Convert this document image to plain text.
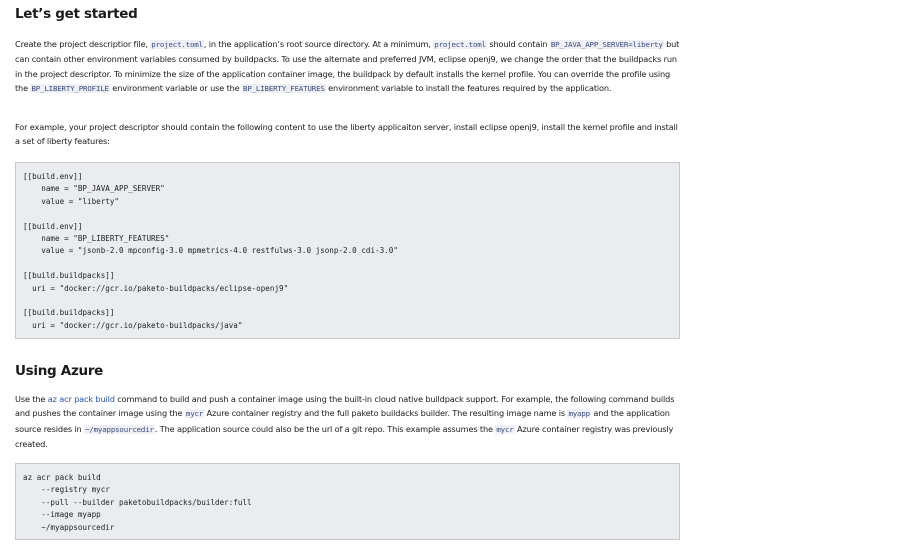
Let’s get started

Create the project descriptior file, project.toml, in the application’s root source directory. At a minimum, project.toml should contain BP_JAVA_APP_SERVER=liberty but can contain other environment variables consumed by buildpacks. To use the alternate and preferred JVM, eclipse openj9, we change the order that the buildpacks run in the project descriptor. To minimize the size of the application container image, the buildpack by default installs the kernel profile. You can override the profile using the BP_LIBERTY_PROFILE environment variable or use the BP_LIBERTY_FEATURES environment variable to install the features required by the application.

For example, your project descriptor should contain the following content to use the liberty applicaiton server, install eclipse openj9, install the kernel profile and install a set of liberty features:

[[build.env]]
name = "BP_JAVA_APP_SERVER"
value = "liberty"
[[build.env]]
name = "BP_LIBERTY_FEATURES"
value = "jsonb-2.0 mpconfig-3.0 mpmetrics-4.0 restfulws-3.0 jsonp-2.0 cdi-3.0"
[[build.buildpacks]]
uri = "docker://gcr.io/paketo-buildpacks/eclipse-openj9"
[[build.buildpacks]]
uri = "docker://gcr.io/paketo-buildpacks/java"
Using Azure

Use the az acr pack build command to build and push a container image using the built-in cloud native buildpack support. For example, the following command builds and pushes the container image using the mycr Azure container registry and the full paketo buildacks builder. The resulting image name is myapp and the application source resides in ~/myappsourcedir. The application source could also be the url of a git repo. This example assumes the mycr Azure container registry was previously created.

az acr pack build
--registry mycr
--pull --builder paketobuildpacks/builder:full
--image myapp
~/myappsourcedir
